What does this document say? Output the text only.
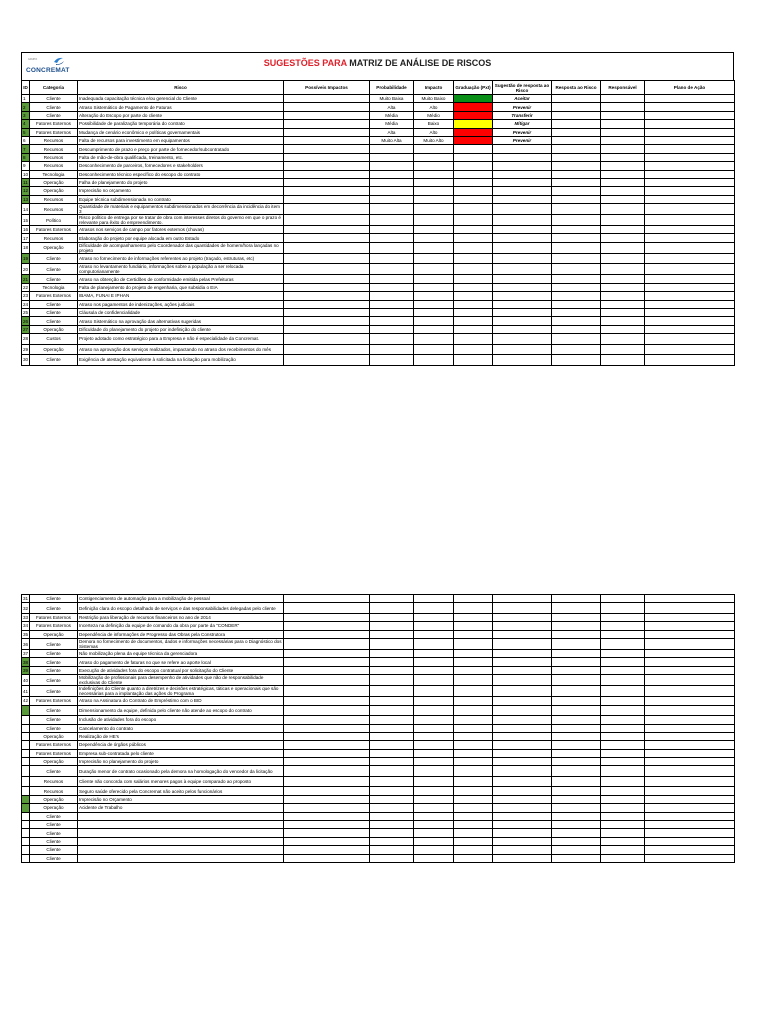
GRUPO
CONCREMAT
SUGESTÕES PARA MATRIZ DE ANÁLISE DE RISCOS
ID	Categoria	Risco	Possíveis Impactos	Probabilidade	Impacto	Graduação (PxI)	Sugestão de resposta ao Risco	Resposta ao Risco	Responsável	Plano de Ação
1	Cliente	Inadequada capacitação técnica e/ou gerencial do Cliente		Muito Baixa	Muito Baixo		Aceitar			
2	Cliente	Atraso Sistemático de Pagamento de Faturas		Alta	Alto		Prevenir			
3	Cliente	Alteração do Escopo por parte do cliente		Média	Médio		Transferir			
4	Fatores Externos	Possibilidade de paralização temporária do contrato		Média	Baixo		Mitigar			
5	Fatores Externos	Mudança de cenário econômico e políticas governamentais		Alta	Alto		Prevenir			
6	Recursos	Falta de recursos para investimento em equipamentos		Muito Alta	Muito Alto		Prevenir			
7	Recursos	Descumprimento de prazo e preço por parte de fornecedor/subcontratado								
8	Recursos	Falta de mão-de-obra qualificada, treinamento, etc.								
9	Recursos	Desconhecimento de parceiros, fornecedores e stakeholders								
10	Tecnologia	Desconhecimento técnico específico do escopo do contrato								
11	Operação	Falha de planejamento do projeto								
12	Operação	Imprecisão no orçamento								
13	Recursos	Equipe técnica subdimensionada no contrato								
14	Recursos	Quantidade de materiais e equipamentos subdimensionados em decorrência da incidência do item 3								
15	Político	Risco político de entrega por se tratar de obra com interesses diretos do governo em que o prazo é relevante para êxito do empreendimento.								
16	Fatores Externos	Atrasos nos serviços de campo por fatores externos (chuvas)								
17	Recursos	Elaboração do projeto por equipe alocada em outro Estado								
18	Operação	Dificuldade de acompanhamento pelo Coordenador das quantidades de homem/hora lançadas no projeto								
19	Cliente	Atraso no fornecimento de informações referentes ao projeto (traçado, estruturas, etc)								
20	Cliente	Atraso no levantamento fundiário, informações sobre a população a ser relocada computorianamente								
21	Cliente	Atraso na obtenção de Certidões de conformidade emitida pelas Prefeituras								
22	Tecnologia	Falta de planejamento do projeto de engenharia, que subsidia o EIA								
23	Fatores Externos	IBAMA, FUNAI E IPHAN								
24	Cliente	Atraso nos pagamentos de indenizações, ações judiciais								
25	Cliente	Cláusula de confidencialidade								
26	Cliente	Atraso Sistemático na aprovação das alternativas sugeridas								
27	Operação	Dificuldade do planejamento do projeto por indefinição do cliente								
28	Custos	Projeto adotado como estratégico para a Empresa e não é especialidade da Concremat.								
29	Operação	Atraso na aprovação dos serviços realizados, impactando no atraso dos recebimentos do mês								
30	Cliente	Exigência de atestação equivalente à solicitada na licitação para mobilização								
31	Cliente	Contigenciamento de automação para a mobilização de pessoal								
32	Cliente	Definição clara do escopo detalhado de serviços e das responsabilidades delegadas pelo cliente								
33	Fatores Externos	Restrição para liberação de recursos financeiros no ano de 2014								
34	Fatores Externos	Incerteza na definição da equipe de comando da obra por parte da "CONDER"								
35	Operação	Dependência de informações de Progresso das Obras pela Construtora								
36	Cliente	Demora no fornecimento de documentos, dados e informações necessárias para o Diagnóstico dos Sistemas								
37	Cliente	Não mobilização plena da equipe técnica da gerenciadora								
38	Cliente	Atraso do pagamento de faturas no que se refere ao aporte local								
39	Cliente	Execução de atividades fora do escopo contratual por solicitação do Cliente								
40	Cliente	Mobilização de profissionais para desempenho de atividades que não de responsabilidade exclusivas do Cliente								
41	Cliente	Indefinições do Cliente quanto a diretrizes e decisões estratégicas, táticas e operacionais que são necessárias para a implantação das ações do Programa								
42	Fatores Externos	Atraso na Assinatura do Contrato de Empréstimo com o BID								
	Cliente	Dimensionamento da equipe, definida pelo cliente não atende ao escopo do contrato								
	Cliente	Inclusão de atividades fora do escopo								
	Cliente	Cancelamento do contrato								
	Operação	Realização de HE's								
	Fatores Externos	Dependência de órgãos públicos								
	Fatores Externos	Empresa sub-contratada pelo cliente								
	Operação	Imprecisão no planejamento do projeto								
	Cliente	Duração menor de contrato ocasionado pela demora na homologação do vencedor da licitação								
	Recursos	Cliente não concorda com salários menores pagos à equipe comparado ao proposto								
	Recursos	Seguro saúde oferecido pela Concremat não aceito pelos funcionários								
	Operação	Imprecisão no Orçamento								
	Operação	Acidente de Trabalho								
	Cliente									
	Cliente									
	Cliente									
	Cliente									
	Cliente									
	Cliente									
